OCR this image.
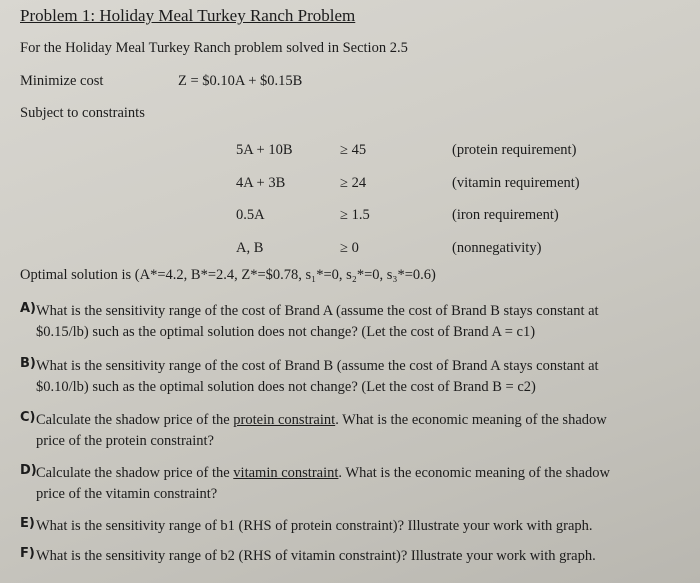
Problem 1: Holiday Meal Turkey Ranch Problem
For the Holiday Meal Turkey Ranch problem solved in Section 2.5
Minimize cost	Z = $0.10A + $0.15B
Subject to constraints
5A + 10B	≥ 45	(protein requirement)
4A + 3B	≥ 24	(vitamin requirement)
0.5A	≥ 1.5	(iron requirement)
A, B	≥ 0	(nonnegativity)
Optimal solution is (A*=4.2, B*=2.4, Z*=$0.78, s₁*=0, s₂*=0, s₃*=0.6)
A) What is the sensitivity range of the cost of Brand A (assume the cost of Brand B stays constant at
$0.15/lb) such as the optimal solution does not change? (Let the cost of Brand A = c1)
B) What is the sensitivity range of the cost of Brand B (assume the cost of Brand A stays constant at
$0.10/lb) such as the optimal solution does not change? (Let the cost of Brand B = c2)
C) Calculate the shadow price of the protein constraint. What is the economic meaning of the shadow
price of the protein constraint?
D) Calculate the shadow price of the vitamin constraint. What is the economic meaning of the shadow
price of the vitamin constraint?
E) What is the sensitivity range of b1 (RHS of protein constraint)? Illustrate your work with graph.
F) What is the sensitivity range of b2 (RHS of vitamin constraint)? Illustrate your work with graph.
